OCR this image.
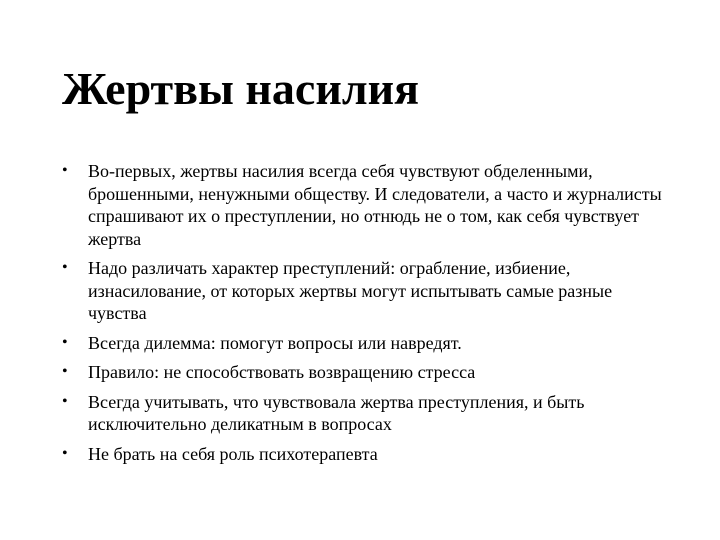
Жертвы насилия
• Во-первых, жертвы насилия всегда себя чувствуют обделенными, брошенными, ненужными обществу. И следователи, а часто и журналисты спрашивают их о преступлении, но отнюдь не о том, как себя чувствует жертва
• Надо различать характер преступлений: ограбление, избиение, изнасилование, от которых жертвы могут испытывать самые разные чувства
• Всегда дилемма: помогут вопросы или навредят.
• Правило: не способствовать возвращению стресса
• Всегда учитывать, что чувствовала жертва преступления, и быть исключительно деликатным в вопросах
• Не брать на себя роль психотерапевта
